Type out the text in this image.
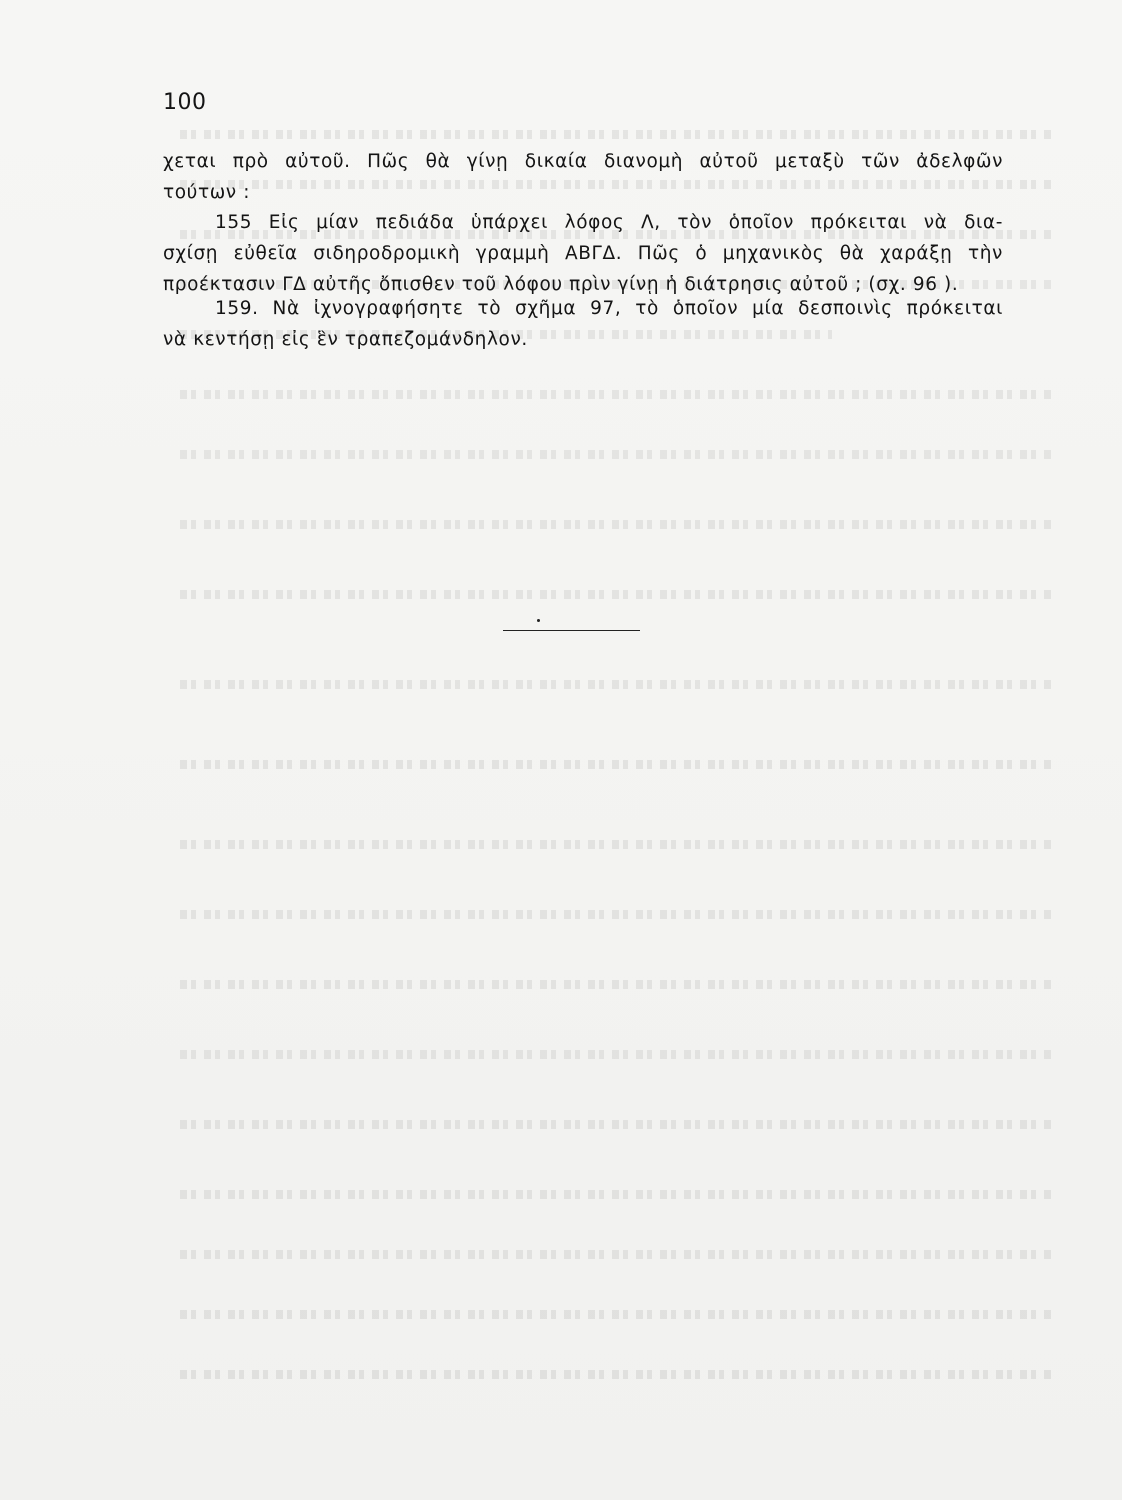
100
χεται πρὸ αὐτοῦ. Πῶς θὰ γίνῃ δικαία διανομὴ αὐτοῦ μεταξὺ τῶν ἀδελφῶν
τούτων :
155 Εἰς μίαν πεδιάδα ὑπάρχει λόφος Λ, τὸν ὁποῖον πρόκειται νὰ δια-
σχίσῃ εὐθεῖα σιδηροδρομικὴ γραμμὴ ΑΒΓΔ. Πῶς ὁ μηχανικὸς θὰ χαράξῃ τὴν
προέκτασιν ΓΔ αὐτῆς ὄπισθεν τοῦ λόφου πρὶν γίνῃ ἡ διάτρησις αὐτοῦ ; (σχ. 96 ).
159. Νὰ ἰχνογραφήσητε τὸ σχῆμα 97, τὸ ὁποῖον μία δεσποινὶς πρόκειται
νὰ κεντήσῃ εἰς ἓν τραπεζομάνδηλον.
